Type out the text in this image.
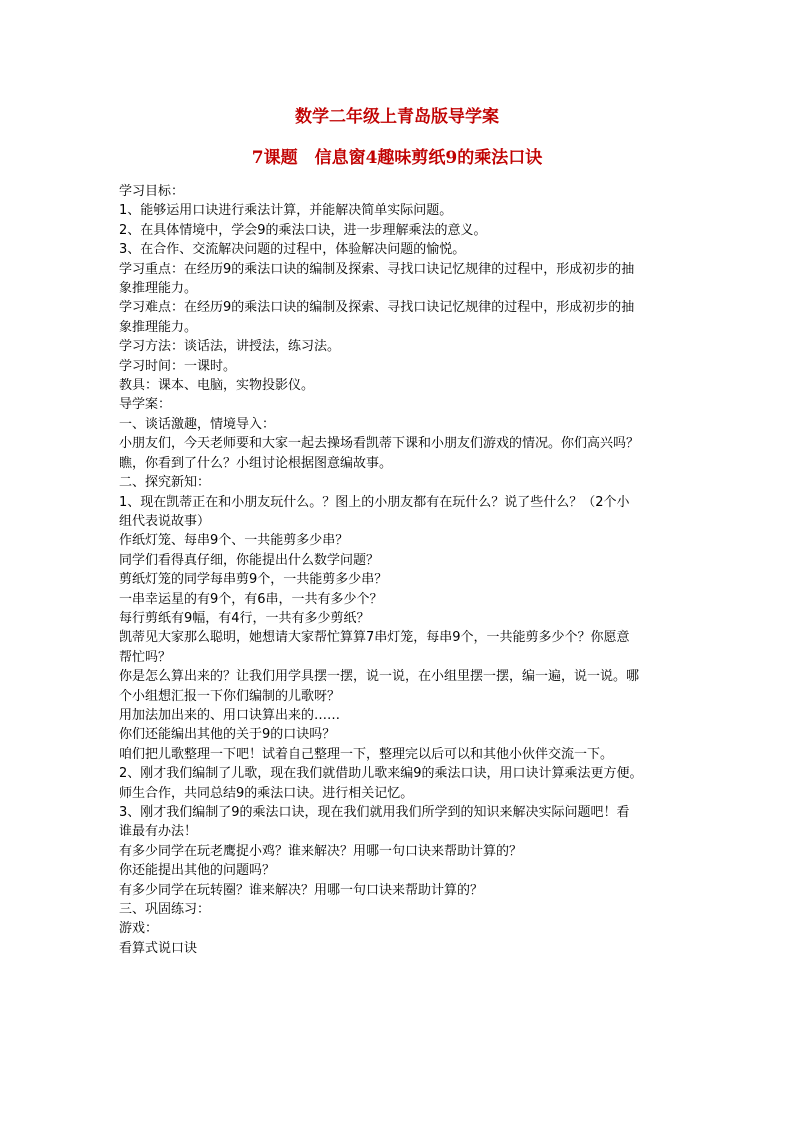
数学二年级上青岛版导学案
7课题　信息窗4趣味剪纸9的乘法口诀

学习目标：

1、能够运用口诀进行乘法计算，并能解决简单实际问题。

2、在具体情境中，学会9的乘法口诀，进一步理解乘法的意义。

3、在合作、交流解决问题的过程中，体验解决问题的愉悦。

学习重点：在经历9的乘法口诀的编制及探索、寻找口诀记忆规律的过程中，形成初步的抽

象推理能力。

学习难点：在经历9的乘法口诀的编制及探索、寻找口诀记忆规律的过程中，形成初步的抽

象推理能力。

学习方法：谈话法，讲授法，练习法。

学习时间：一课时。

教具：课本、电脑，实物投影仪。

导学案：

一、谈话激趣，情境导入：

小朋友们，今天老师要和大家一起去操场看凯蒂下课和小朋友们游戏的情况。你们高兴吗？

瞧，你看到了什么？小组讨论根据图意编故事。

二、探究新知：

1、现在凯蒂正在和小朋友玩什么。？图上的小朋友都有在玩什么？说了些什么？（2个小

组代表说故事）

作纸灯笼、每串9个、一共能剪多少串？

同学们看得真仔细，你能提出什么数学问题？

剪纸灯笼的同学每串剪9个，一共能剪多少串？

一串幸运星的有9个，有6串，一共有多少个？

每行剪纸有9幅，有4行，一共有多少剪纸？

凯蒂见大家那么聪明，她想请大家帮忙算算7串灯笼，每串9个，一共能剪多少个？你愿意

帮忙吗？

你是怎么算出来的？让我们用学具摆一摆，说一说，在小组里摆一摆，编一遍，说一说。哪

个小组想汇报一下你们编制的儿歌呀？

用加法加出来的、用口诀算出来的……

你们还能编出其他的关于9的口诀吗？

咱们把儿歌整理一下吧！试着自己整理一下，整理完以后可以和其他小伙伴交流一下。

2、刚才我们编制了儿歌，现在我们就借助儿歌来编9的乘法口诀，用口诀计算乘法更方便。

师生合作，共同总结9的乘法口诀。进行相关记忆。

3、刚才我们编制了9的乘法口诀，现在我们就用我们所学到的知识来解决实际问题吧！看

谁最有办法！

有多少同学在玩老鹰捉小鸡？谁来解决？用哪一句口诀来帮助计算的？

你还能提出其他的问题吗？

有多少同学在玩转圈？谁来解决？用哪一句口诀来帮助计算的？

三、巩固练习：

游戏：

看算式说口诀
